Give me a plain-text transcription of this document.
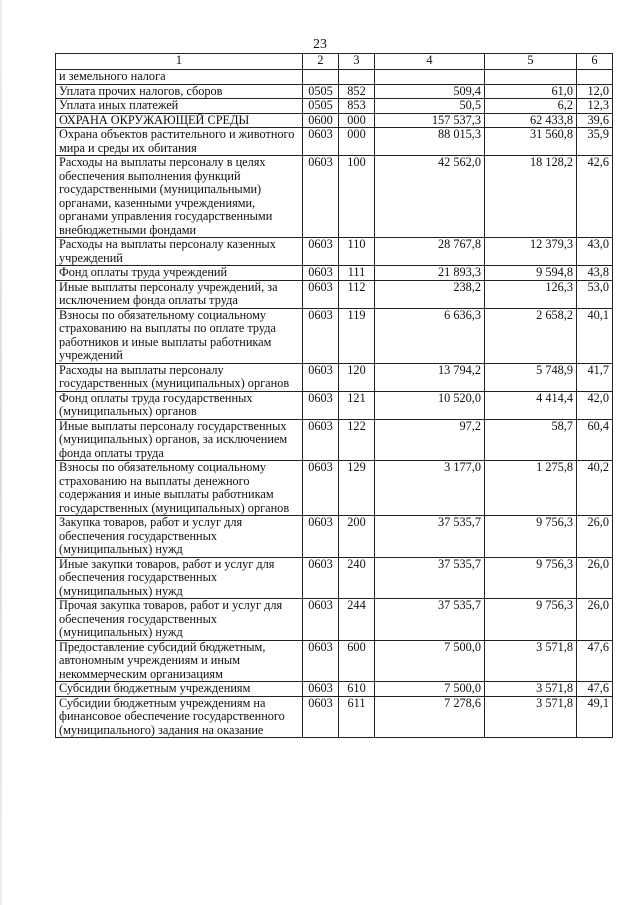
23
1	2	3	4	5	6
и земельного налога					
Уплата прочих налогов, сборов	0505	852	509,4	61,0	12,0
Уплата иных платежей	0505	853	50,5	6,2	12,3
ОХРАНА ОКРУЖАЮЩЕЙ СРЕДЫ	0600	000	157 537,3	62 433,8	39,6
Охрана объектов растительного и животного мира и среды их обитания	0603	000	88 015,3	31 560,8	35,9
Расходы на выплаты персоналу в целях обеспечения выполнения функций государственными (муниципальными) органами, казенными учреждениями, органами управления государственными внебюджетными фондами	0603	100	42 562,0	18 128,2	42,6
Расходы на выплаты персоналу казенных учреждений	0603	110	28 767,8	12 379,3	43,0
Фонд оплаты труда учреждений	0603	111	21 893,3	9 594,8	43,8
Иные выплаты персоналу учреждений, за исключением фонда оплаты труда	0603	112	238,2	126,3	53,0
Взносы по обязательному социальному страхованию на выплаты по оплате труда работников и иные выплаты работникам учреждений	0603	119	6 636,3	2 658,2	40,1
Расходы на выплаты персоналу государственных (муниципальных) органов	0603	120	13 794,2	5 748,9	41,7
Фонд оплаты труда государственных (муниципальных) органов	0603	121	10 520,0	4 414,4	42,0
Иные выплаты персоналу государственных (муниципальных) органов, за исключением фонда оплаты труда	0603	122	97,2	58,7	60,4
Взносы по обязательному социальному страхованию на выплаты денежного содержания и иные выплаты работникам государственных (муниципальных) органов	0603	129	3 177,0	1 275,8	40,2
Закупка товаров, работ и услуг для обеспечения государственных (муниципальных) нужд	0603	200	37 535,7	9 756,3	26,0
Иные закупки товаров, работ и услуг для обеспечения государственных (муниципальных) нужд	0603	240	37 535,7	9 756,3	26,0
Прочая закупка товаров, работ и услуг для обеспечения государственных (муниципальных) нужд	0603	244	37 535,7	9 756,3	26,0
Предоставление субсидий бюджетным, автономным учреждениям и иным некоммерческим организациям	0603	600	7 500,0	3 571,8	47,6
Субсидии бюджетным учреждениям	0603	610	7 500,0	3 571,8	47,6
Субсидии бюджетным учреждениям на финансовое обеспечение государственного (муниципального) задания на оказание	0603	611	7 278,6	3 571,8	49,1
